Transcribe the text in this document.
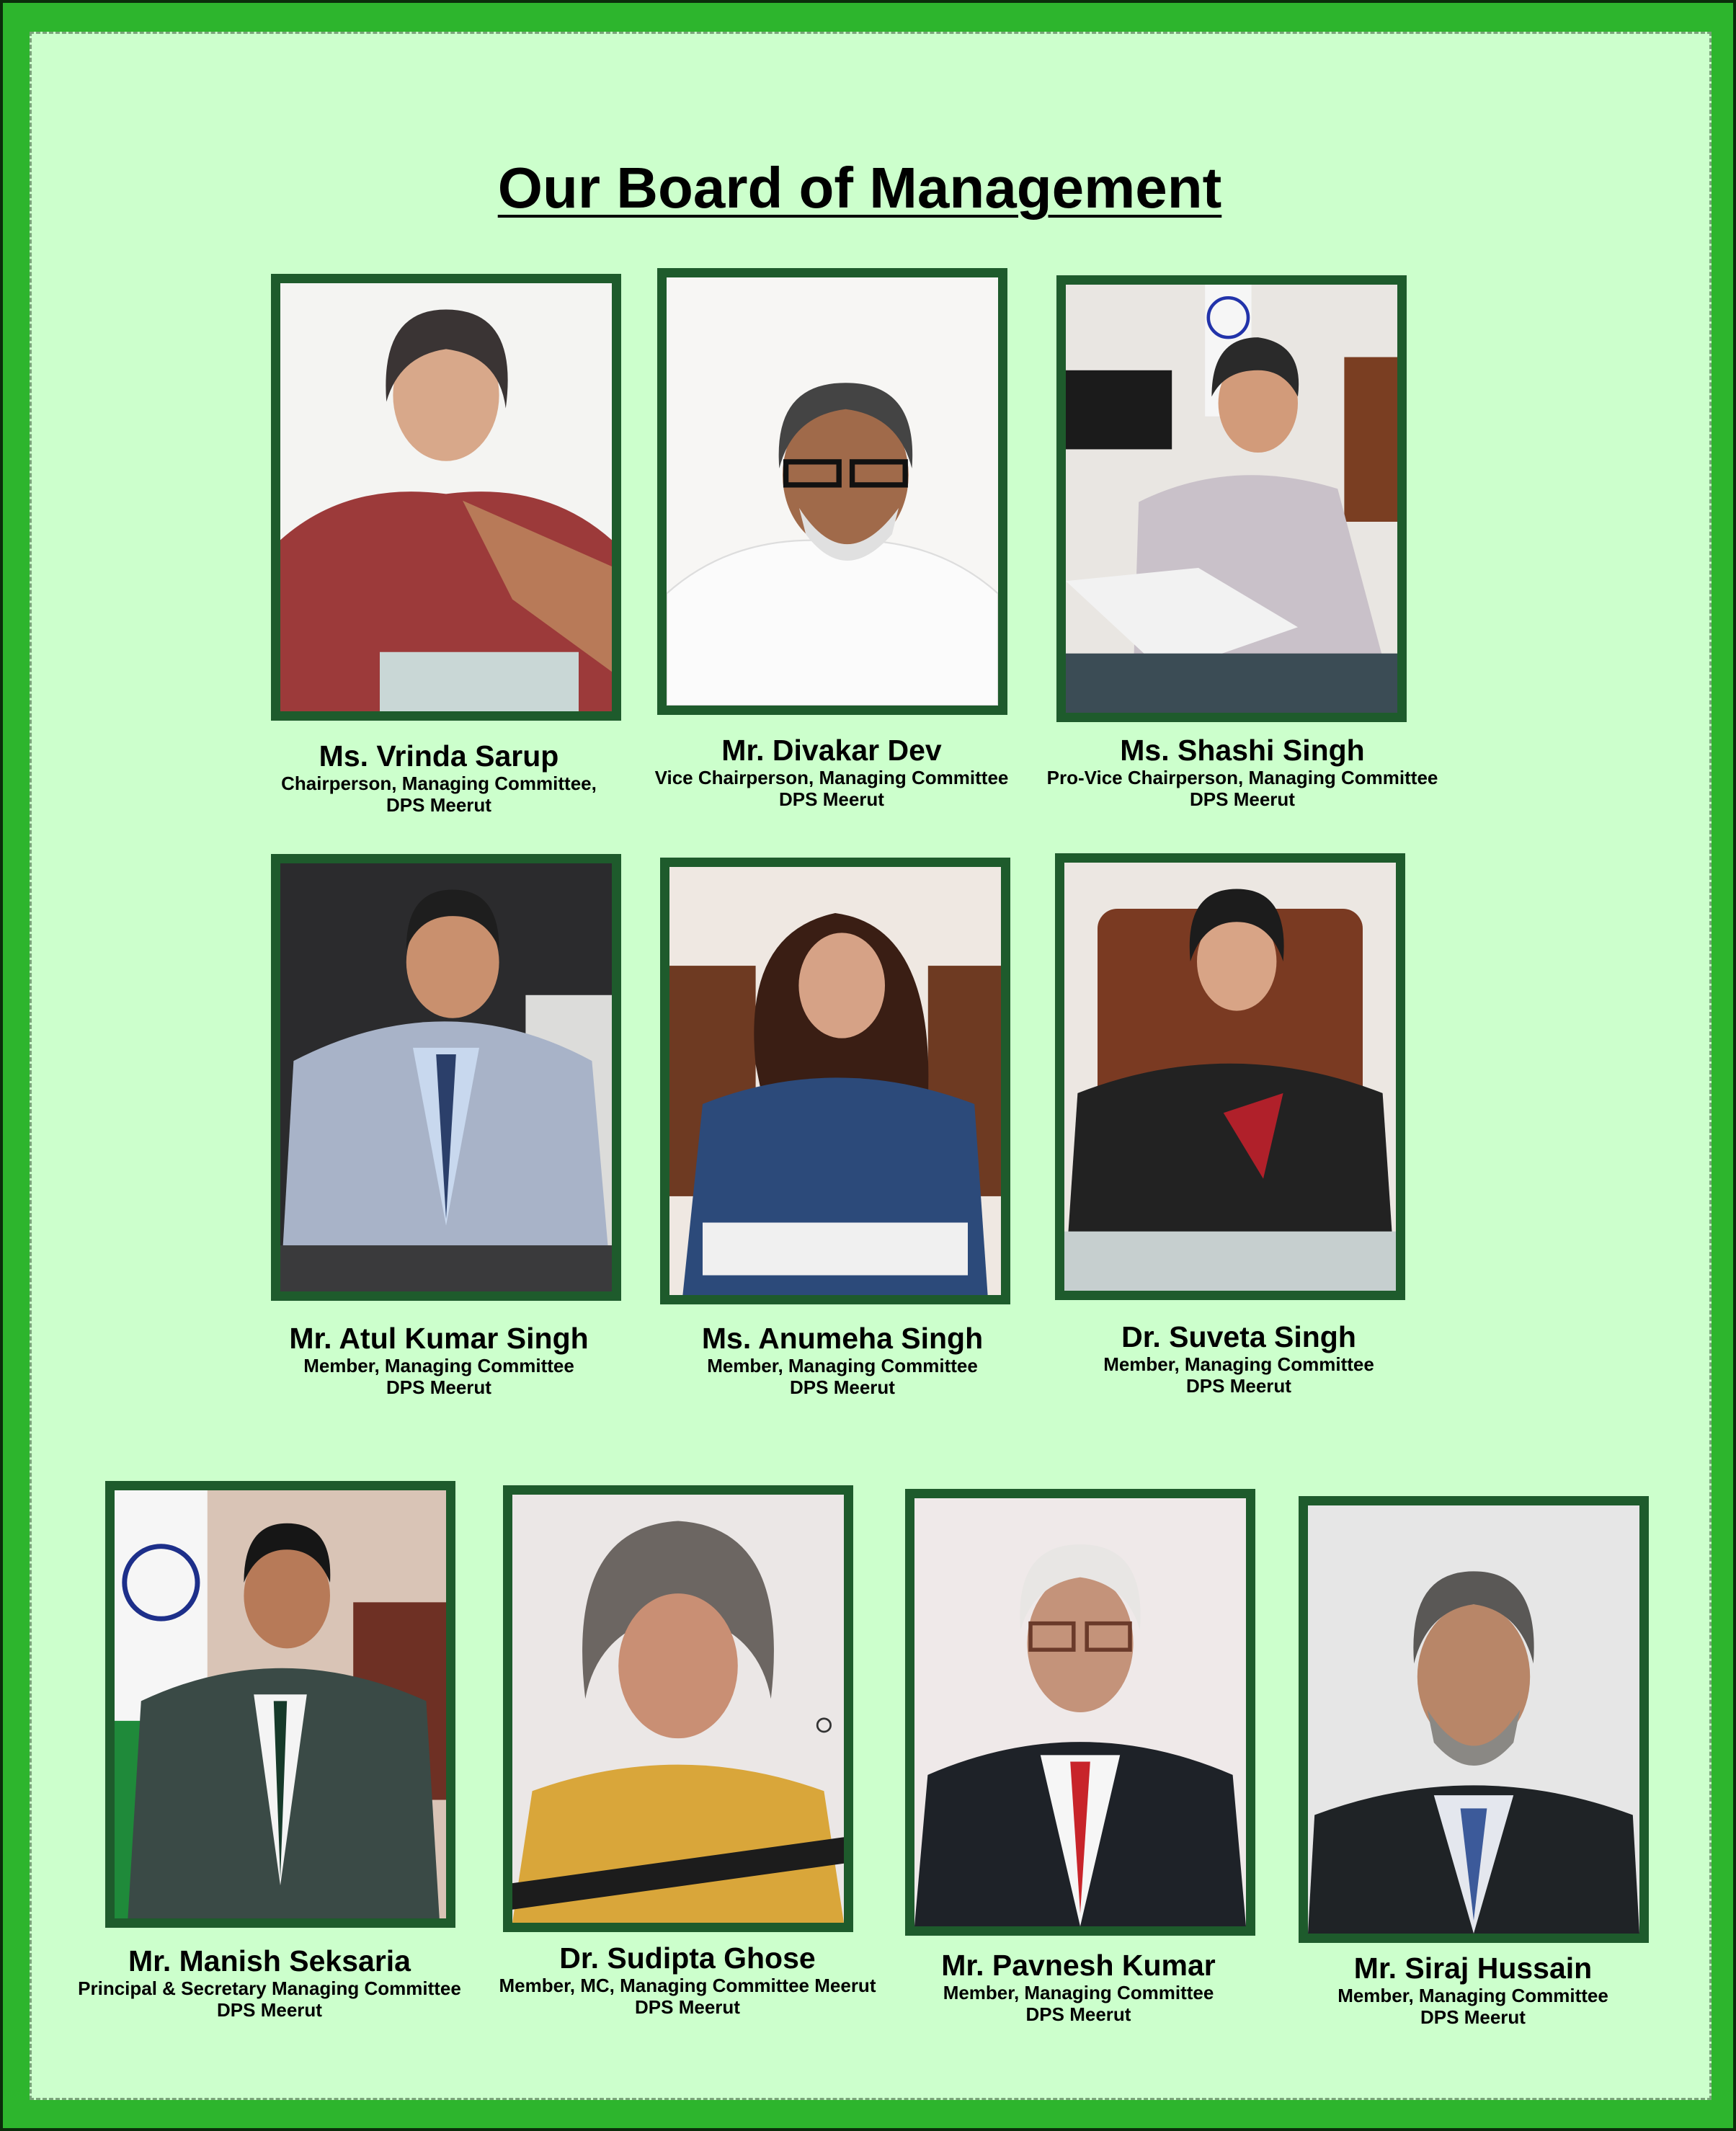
Our Board of Management
Ms. Vrinda Sarup
Chairperson, Managing Committee,
DPS Meerut
Mr. Divakar Dev
Vice Chairperson, Managing Committee
DPS Meerut
Ms. Shashi Singh
Pro-Vice Chairperson, Managing Committee
DPS Meerut
Mr. Atul Kumar Singh
Member, Managing Committee
DPS Meerut
Ms. Anumeha Singh
Member, Managing Committee
DPS Meerut
Dr. Suveta Singh
Member, Managing Committee
DPS Meerut
Mr. Manish Seksaria
Principal & Secretary Managing Committee
DPS Meerut
Dr. Sudipta Ghose
Member, MC, Managing Committee Meerut
DPS Meerut
Mr. Pavnesh Kumar
Member, Managing Committee
DPS Meerut
Mr. Siraj Hussain
Member, Managing Committee
DPS Meerut
